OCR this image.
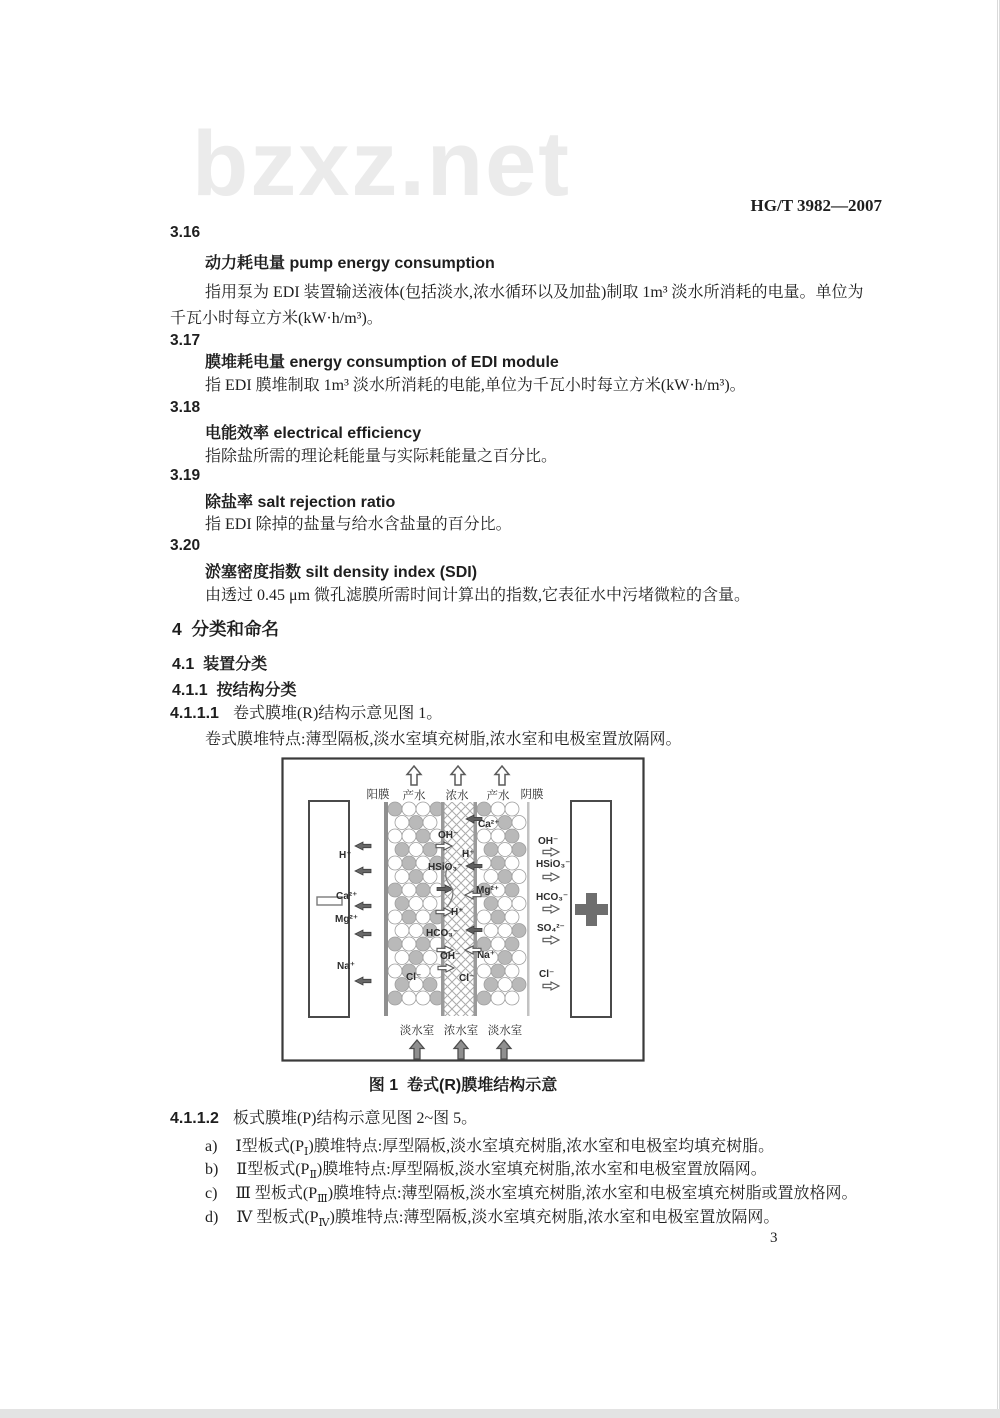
bzxz.net	HG/T 3982—2007
3.16
动力耗电量 pump energy consumption
指用泵为 EDI 装置输送液体(包括淡水,浓水循环以及加盐)制取 1m³ 淡水所消耗的电量。单位为
千瓦小时每立方米(kW·h/m³)。
3.17
膜堆耗电量 energy consumption of EDI module
指 EDI 膜堆制取 1m³ 淡水所消耗的电能,单位为千瓦小时每立方米(kW·h/m³)。
3.18
电能效率 electrical efficiency
指除盐所需的理论耗能量与实际耗能量之百分比。
3.19
除盐率 salt rejection ratio
指 EDI 除掉的盐量与给水含盐量的百分比。
3.20
淤塞密度指数 silt density index (SDI)
由透过 0.45 μm 微孔滤膜所需时间计算出的指数,它表征水中污堵微粒的含量。
4  分类和命名
4.1  装置分类
4.1.1  按结构分类
4.1.1.1 卷式膜堆(R)结构示意见图 1。
卷式膜堆特点:薄型隔板,淡水室填充树脂,浓水室和电极室置放隔网。
阳膜 产水 浓水 产水 阴膜
淡水室 浓水室 淡水室
H⁺
Ca²⁺
Mg²⁺
Na⁺
OH⁻
HSiO₃⁻
HCO₃⁻
SO₄²⁻
Cl⁻
OH⁻
Ca²⁺
H⁺
HSiO₃⁻
Mg²⁺
H⁺
HCO₃⁻
OH⁻ Na⁺
Cl⁻	Cl⁻
图 1  卷式(R)膜堆结构示意
4.1.1.2 板式膜堆(P)结构示意见图 2~图 5。
a) Ⅰ型板式$(P_Ⅰ)$膜堆特点:厚型隔板,淡水室填充树脂,浓水室和电极室均填充树脂。
b) Ⅱ型板式$(P_Ⅱ)$膜堆特点:厚型隔板,淡水室填充树脂,浓水室和电极室置放隔网。
c) Ⅲ 型板式$(P_Ⅲ)$膜堆特点:薄型隔板,淡水室填充树脂,浓水室和电极室填充树脂或置放格网。
d) Ⅳ 型板式$(P_Ⅳ)$膜堆特点:薄型隔板,淡水室填充树脂,浓水室和电极室置放隔网。
3
